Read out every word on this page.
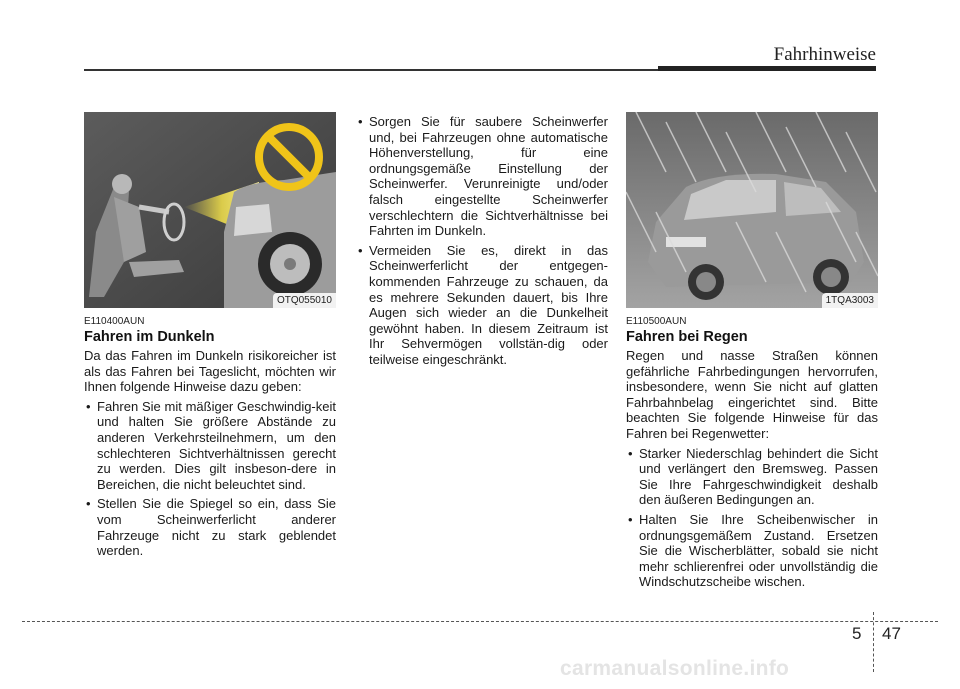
Fahrhinweise
OTQ055010
E110400AUN
Fahren im Dunkeln

Da das Fahren im Dunkeln risikoreicher ist als das Fahren bei Tageslicht, möchten wir Ihnen folgende Hinweise dazu geben:

• Fahren Sie mit mäßiger Geschwindig-keit und halten Sie größere Abstände zu anderen Verkehrsteilnehmern, um den schlechteren Sichtverhältnissen gerecht zu werden. Dies gilt insbeson-dere in Bereichen, die nicht beleuchtet sind.
• Stellen Sie die Spiegel so ein, dass Sie vom Scheinwerferlicht anderer Fahrzeuge nicht zu stark geblendet werden.
• Sorgen Sie für saubere Scheinwerfer und, bei Fahrzeugen ohne automatische Höhenverstellung, für eine ordnungsgemäße Einstellung der Scheinwerfer. Verunreinigte und/oder falsch eingestellte Scheinwerfer verschlechtern die Sichtverhältnisse bei Fahrten im Dunkeln.
• Vermeiden Sie es, direkt in das Scheinwerferlicht der entgegen-kommenden Fahrzeuge zu schauen, da es mehrere Sekunden dauert, bis Ihre Augen sich wieder an die Dunkelheit gewöhnt haben. In diesem Zeitraum ist Ihr Sehvermögen vollstän-dig oder teilweise eingeschränkt.
1TQA3003
E110500AUN
Fahren bei Regen

Regen und nasse Straßen können gefährliche Fahrbedingungen hervorrufen, insbesondere, wenn Sie nicht auf glatten Fahrbahnbelag eingerichtet sind. Bitte beachten Sie folgende Hinweise für das Fahren bei Regenwetter:

• Starker Niederschlag behindert die Sicht und verlängert den Bremsweg. Passen Sie Ihre Fahrgeschwindigkeit deshalb den äußeren Bedingungen an.
• Halten Sie Ihre Scheibenwischer in ordnungsgemäßem Zustand. Ersetzen Sie die Wischerblätter, sobald sie nicht mehr schlierenfrei oder unvollständig die Windschutzscheibe wischen.
5 47
carmanualsonline.info
